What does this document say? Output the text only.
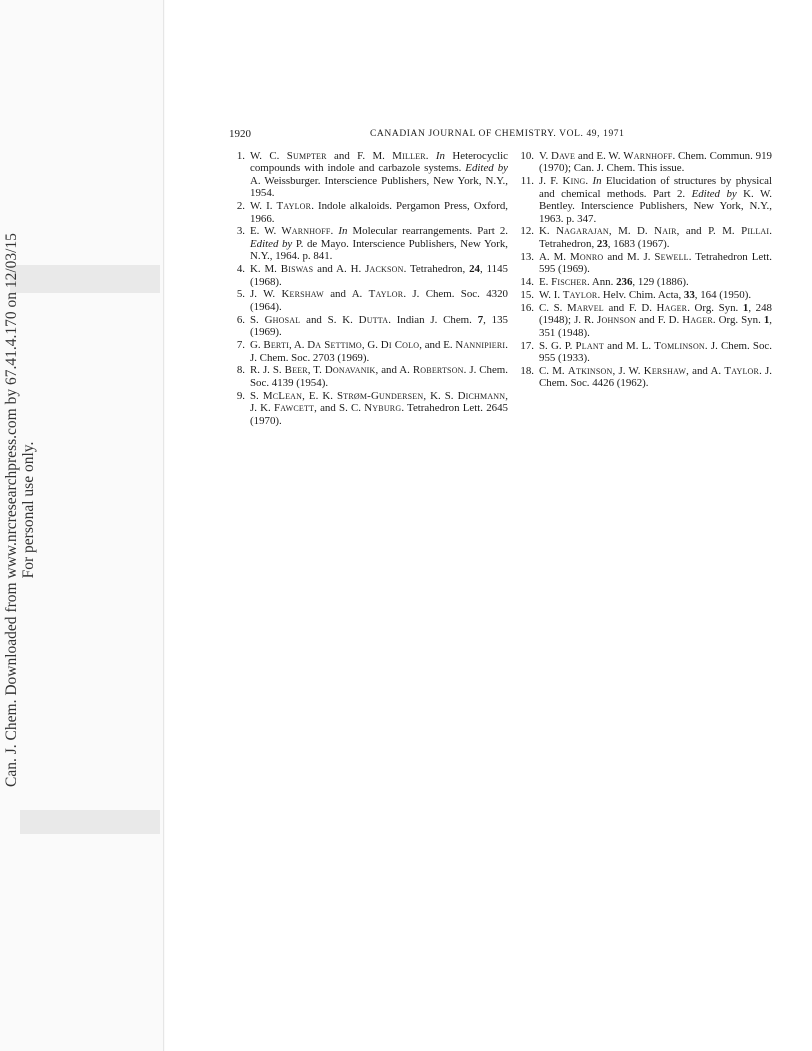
Can. J. Chem. Downloaded from www.nrcresearchpress.com by 67.41.4.170 on 12/03/15 For personal use only.
1920	CANADIAN JOURNAL OF CHEMISTRY. VOL. 49, 1971
1. W. C. Sumpter and F. M. Miller. In Heterocyclic compounds with indole and carbazole systems. Edited by A. Weissburger. Interscience Publishers, New York, N.Y., 1954.
2. W. I. Taylor. Indole alkaloids. Pergamon Press, Oxford, 1966.
3. E. W. Warnhoff. In Molecular rearrangements. Part 2. Edited by P. de Mayo. Interscience Publishers, New York, N.Y., 1964. p. 841.
4. K. M. Biswas and A. H. Jackson. Tetrahedron, 24, 1145 (1968).
5. J. W. Kershaw and A. Taylor. J. Chem. Soc. 4320 (1964).
6. S. Ghosal and S. K. Dutta. Indian J. Chem. 7, 135 (1969).
7. G. Berti, A. Da Settimo, G. Di Colo, and E. Nannipieri. J. Chem. Soc. 2703 (1969).
8. R. J. S. Beer, T. Donavanik, and A. Robertson. J. Chem. Soc. 4139 (1954).
9. S. McLean, E. K. Strøm-Gundersen, K. S. Dichmann, J. K. Fawcett, and S. C. Nyburg. Tetrahedron Lett. 2645 (1970).
10. V. Dave and E. W. Warnhoff. Chem. Commun. 919 (1970); Can. J. Chem. This issue.
11. J. F. King. In Elucidation of structures by physical and chemical methods. Part 2. Edited by K. W. Bentley. Interscience Publishers, New York, N.Y., 1963. p. 347.
12. K. Nagarajan, M. D. Nair, and P. M. Pillai. Tetrahedron, 23, 1683 (1967).
13. A. M. Monro and M. J. Sewell. Tetrahedron Lett. 595 (1969).
14. E. Fischer. Ann. 236, 129 (1886).
15. W. I. Taylor. Helv. Chim. Acta, 33, 164 (1950).
16. C. S. Marvel and F. D. Hager. Org. Syn. 1, 248 (1948); J. R. Johnson and F. D. Hager. Org. Syn. 1, 351 (1948).
17. S. G. P. Plant and M. L. Tomlinson. J. Chem. Soc. 955 (1933).
18. C. M. Atkinson, J. W. Kershaw, and A. Taylor. J. Chem. Soc. 4426 (1962).
